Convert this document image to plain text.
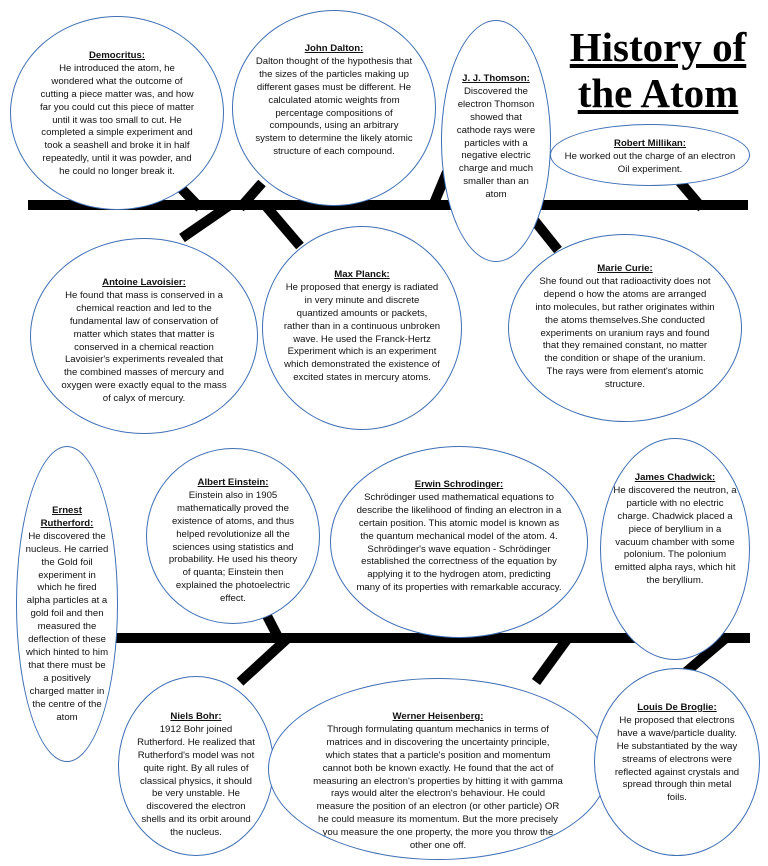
History of
the Atom
Democritus:
He introduced the atom, he wondered what the outcome of cutting a piece matter was, and how far you could cut this piece of matter until it was too small to cut. He completed a simple experiment and took a seashell and broke it in half repeatedly, until it was powder, and he could no longer break it.
John Dalton:
Dalton thought of the hypothesis that the sizes of the particles making up different gases must be different. He calculated atomic weights from percentage compositions of compounds, using an arbitrary system to determine the likely atomic structure of each compound.
J. J. Thomson:
Discovered the electron Thomson showed that cathode rays were particles with a negative electric charge and much smaller than an atom
Robert Millikan:
He worked out the charge of an electron Oil experiment.
Antoine Lavoisier:
He found that mass is conserved in a chemical reaction and led to the fundamental law of conservation of matter which states that matter is conserved in a chemical reaction Lavoisier's experiments revealed that the combined masses of mercury and oxygen were exactly equal to the mass of calyx of mercury.
Max Planck:
He proposed that energy is radiated in very minute and discrete quantized amounts or packets, rather than in a continuous unbroken wave. He used the Franck-Hertz Experiment which is an experiment which demonstrated the existence of excited states in mercury atoms.
Marie Curie:
She found out that radioactivity does not depend o how the atoms are arranged into molecules, but rather originates within the atoms themselves.She conducted experiments on uranium rays and found that they remained constant, no matter the condition or shape of the uranium. The rays were from element's atomic structure.
Ernest Rutherford:
He discovered the nucleus. He carried the Gold foil experiment in which he fired alpha particles at a gold foil and then measured the deflection of these which hinted to him that there must be a positively charged matter in the centre of the atom
Albert Einstein:
Einstein also in 1905 mathematically proved the existence of atoms, and thus helped revolutionize all the sciences using statistics and probability. He used his theory of quanta; Einstein then explained the photoelectric effect.
Erwin Schrodinger:
Schrödinger used mathematical equations to describe the likelihood of finding an electron in a certain position. This atomic model is known as the quantum mechanical model of the atom. 4. Schrödinger's wave equation - Schrödinger established the correctness of the equation by applying it to the hydrogen atom, predicting many of its properties with remarkable accuracy.
James Chadwick:
He discovered the neutron, a particle with no electric charge. Chadwick placed a piece of beryllium in a vacuum chamber with some polonium. The polonium emitted alpha rays, which hit the beryllium.
Niels Bohr:
1912 Bohr joined Rutherford. He realized that Rutherford's model was not quite right. By all rules of classical physics, it should be very unstable. He discovered the electron shells and its orbit around the nucleus.
Werner Heisenberg:
Through formulating quantum mechanics in terms of matrices and in discovering the uncertainty principle, which states that a particle's position and momentum cannot both be known exactly. He found that the act of measuring an electron's properties by hitting it with gamma rays would alter the electron's behaviour. He could measure the position of an electron (or other particle) OR he could measure its momentum. But the more precisely you measure the one property, the more you throw the other one off.
Louis De Broglie:
He proposed that electrons have a wave/particle duality. He substantiated by the way streams of electrons were reflected against crystals and spread through thin metal foils.
